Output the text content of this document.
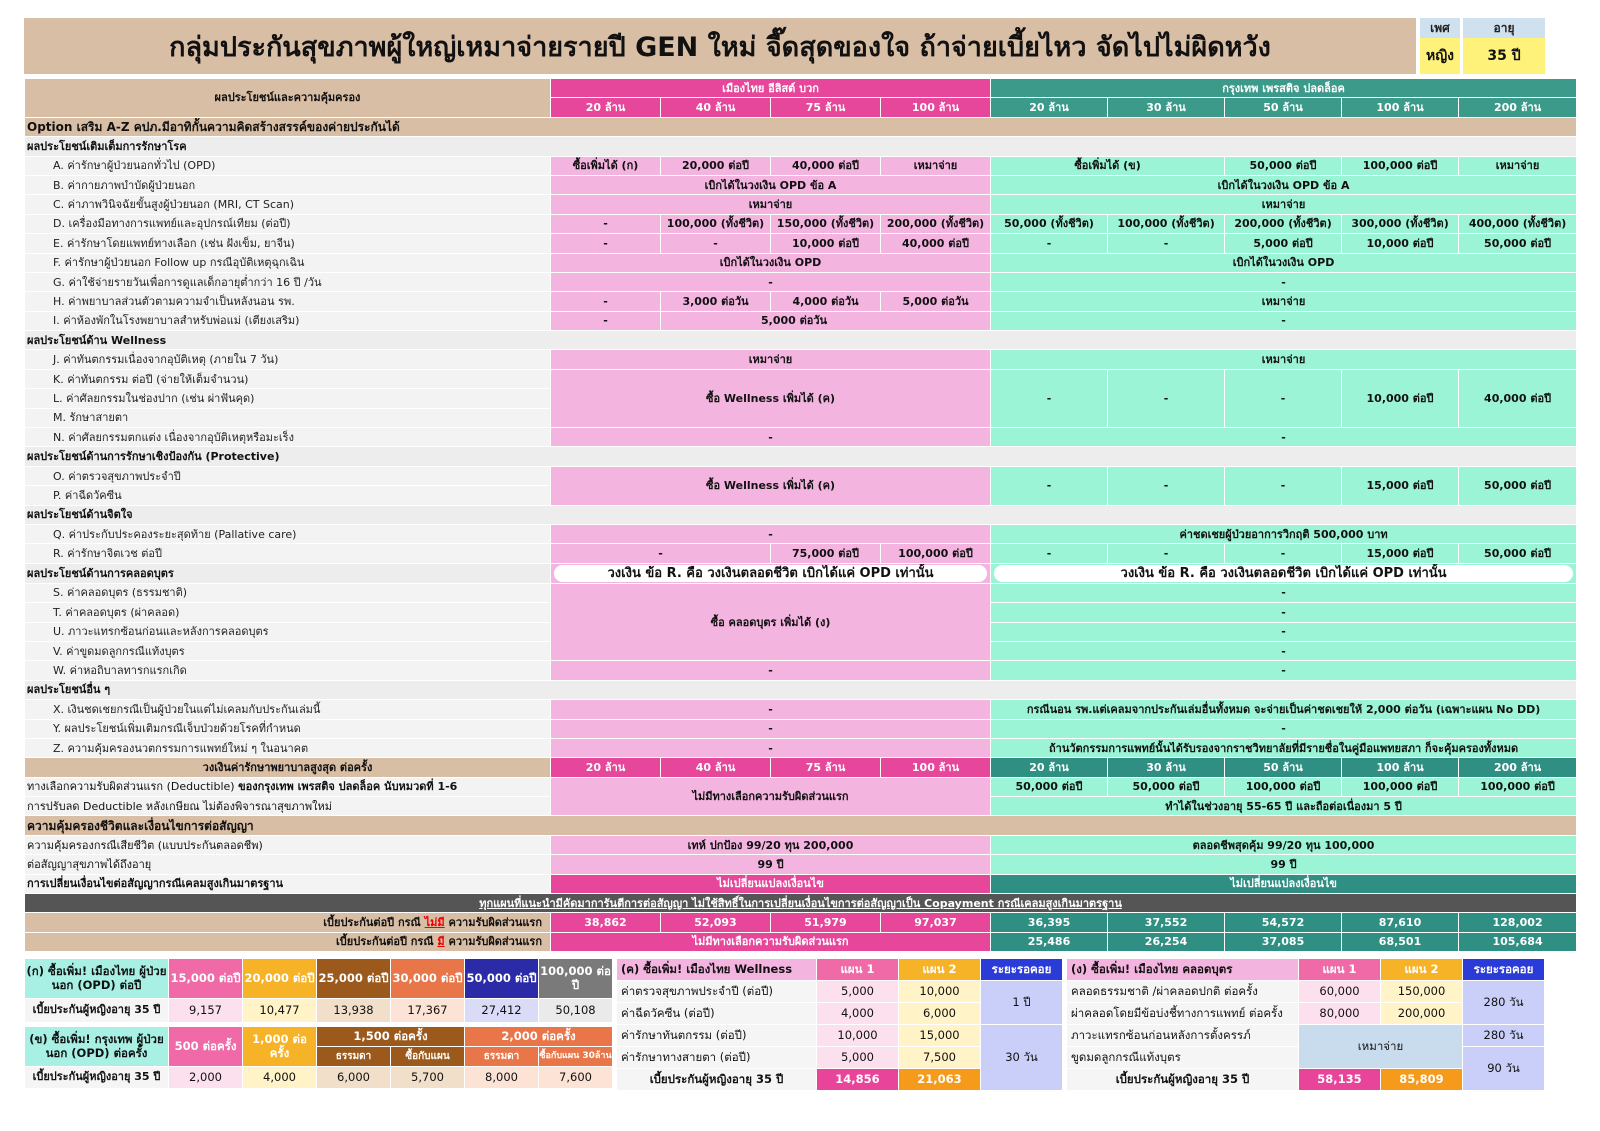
กลุ่มประกันสุขภาพผู้ใหญ่เหมาจ่ายรายปี GEN ใหม่ จี๊ดสุดของใจ ถ้าจ่ายเบี้ยไหว จัดไปไม่ผิดหวัง
เพศ
หญิง
อายุ
35 ปี
ผลประโยชน์และความคุ้มครอง	เมืองไทย อีลิสต์ บวก				กรุงเทพ เพรสติจ ปลดล็อค				
	20 ล้าน	40 ล้าน	75 ล้าน	100 ล้าน	20 ล้าน	30 ล้าน	50 ล้าน	100 ล้าน	200 ล้าน
Option เสริม A-Z คปภ.มีอาทิกั้นความคิดสร้างสรรค์ของค่ายประกันได้									
ผลประโยชน์เติมเต็มการรักษาโรค									
A. ค่ารักษาผู้ป่วยนอกทั่วไป (OPD)	ซื้อเพิ่มได้ (ก)	20,000 ต่อปี	40,000 ต่อปี	เหมาจ่าย	ซื้อเพิ่มได้ (ข)		50,000 ต่อปี	100,000 ต่อปี	เหมาจ่าย
B. ค่ากายภาพบำบัดผู้ป่วยนอก	เบิกได้ในวงเงิน OPD ข้อ A				เบิกได้ในวงเงิน OPD ข้อ A				
C. ค่าภาพวินิจฉัยขั้นสูงผู้ป่วยนอก (MRI, CT Scan)	เหมาจ่าย				เหมาจ่าย				
D. เครื่องมือทางการแพทย์และอุปกรณ์เทียม (ต่อปี)	-	100,000 (ทั้งชีวิต)	150,000 (ทั้งชีวิต)	200,000 (ทั้งชีวิต)	50,000 (ทั้งชีวิต)	100,000 (ทั้งชีวิต)	200,000 (ทั้งชีวิต)	300,000 (ทั้งชีวิต)	400,000 (ทั้งชีวิต)
E. ค่ารักษาโดยแพทย์ทางเลือก (เช่น ฝังเข็ม, ยาจีน)	-	-	10,000 ต่อปี	40,000 ต่อปี	-	-	5,000 ต่อปี	10,000 ต่อปี	50,000 ต่อปี
F. ค่ารักษาผู้ป่วยนอก Follow up กรณีอุบัติเหตุฉุกเฉิน	เบิกได้ในวงเงิน OPD				เบิกได้ในวงเงิน OPD				
G. ค่าใช้จ่ายรายวันเพื่อการดูแลเด็กอายุต่ำกว่า 16 ปี /วัน	-				-				
H. ค่าพยาบาลส่วนตัวตามความจำเป็นหลังนอน รพ.	-	3,000 ต่อวัน	4,000 ต่อวัน	5,000 ต่อวัน	เหมาจ่าย				
I. ค่าห้องพักในโรงพยาบาลสำหรับพ่อแม่ (เตียงเสริม)	-	5,000 ต่อวัน			-				
ผลประโยชน์ด้าน Wellness									
J. ค่าทันตกรรมเนื่องจากอุบัติเหตุ (ภายใน 7 วัน)	เหมาจ่าย				เหมาจ่าย				
K. ค่าทันตกรรม ต่อปี (จ่ายให้เต็มจำนวน)	ซื้อ Wellness เพิ่มได้ (ค)				-	-	-	10,000 ต่อปี	40,000 ต่อปี
L. ค่าศัลยกรรมในช่องปาก (เช่น ผ่าฟันคุด)									
M. รักษาสายตา									
N. ค่าศัลยกรรมตกแต่ง เนื่องจากอุบัติเหตุหรือมะเร็ง	-				-				
ผลประโยชน์ด้านการรักษาเชิงป้องกัน (Protective)									
O. ค่าตรวจสุขภาพประจำปี	ซื้อ Wellness เพิ่มได้ (ค)				-	-	-	15,000 ต่อปี	50,000 ต่อปี
P. ค่าฉีดวัคซีน									
ผลประโยชน์ด้านจิตใจ									
Q. ค่าประกับประคองระยะสุดท้าย (Pallative care)	-				ค่าชดเชยผู้ป่วยอาการวิกฤติ 500,000 บาท				
R. ค่ารักษาจิตเวช ต่อปี	-		75,000 ต่อปี	100,000 ต่อปี	-	-	-	15,000 ต่อปี	50,000 ต่อปี
ผลประโยชน์ด้านการคลอดบุตร	วงเงิน ข้อ R. คือ วงเงินตลอดชีวิต เบิกได้แค่ OPD เท่านั้น				วงเงิน ข้อ R. คือ วงเงินตลอดชีวิต เบิกได้แค่ OPD เท่านั้น				

S. ค่าคลอดบุตร (ธรรมชาติ)	ซื้อ คลอดบุตร เพิ่มได้ (ง)				-				
T. ค่าคลอดบุตร (ผ่าคลอด)					-				
U. ภาวะแทรกซ้อนก่อนและหลังการคลอดบุตร					-				
V. ค่าขูดมดลูกกรณีแท้งบุตร					-				
W. ค่าหอถิบาลทารกแรกเกิด	-				-				
ผลประโยชน์อื่น ๆ									
X. เงินชดเชยกรณีเป็นผู้ป่วยในแต่ไม่เคลมกับประกันเล่มนี้	-				กรณีนอน รพ.แต่เคลมจากประกันเล่มอื่นทั้งหมด จะจ่ายเป็นค่าชดเชยให้ 2,000 ต่อวัน (เฉพาะแผน No DD)				
Y. ผลประโยชน์เพิ่มเติมกรณีเจ็บป่วยด้วยโรคที่กำหนด	-				-				
Z. ความคุ้มครองนวตกรรมการแพทย์ใหม่ ๆ ในอนาคต	-				ถ้านวัตกรรมการแพทย์นั้นได้รับรองจากราชวิทยาลัยที่มีรายชื่อในคู่มือแพทยสภา ก็จะคุ้มครองทั้งหมด				
วงเงินค่ารักษาพยาบาลสูงสุด ต่อครั้ง	20 ล้าน	40 ล้าน	75 ล้าน	100 ล้าน	20 ล้าน	30 ล้าน	50 ล้าน	100 ล้าน	200 ล้าน
ทางเลือกความรับผิดส่วนแรก (Deductible) ของกรุงเทพ เพรสติจ ปลดล็อค นับหมวดที่ 1-6	ไม่มีทางเลือกความรับผิดส่วนแรก				50,000 ต่อปี	50,000 ต่อปี	100,000 ต่อปี	100,000 ต่อปี	100,000 ต่อปี
การปรับลด Deductible หลังเกษียณ ไม่ต้องพิจารณาสุขภาพใหม่					ทำได้ในช่วงอายุ 55-65 ปี และถือต่อเนื่องมา 5 ปี				
ความคุ้มครองชีวิตและเงื่อนไขการต่อสัญญา									
ความคุ้มครองกรณีเสียชีวิต (แบบประกันตลอดชีพ)	เทห์ ปกป้อง 99/20 ทุน 200,000				ตลอดชีพสุดคุ้ม 99/20 ทุน 100,000				
ต่อสัญญาสุขภาพได้ถึงอายุ	99 ปี				99 ปี				
การเปลี่ยนเงื่อนไขต่อสัญญากรณีเคลมสูงเกินมาตรฐาน	ไม่เปลี่ยนแปลงเงื่อนไข				ไม่เปลี่ยนแปลงเงื่อนไข				
ทุกแผนที่แนะนำมีคัดมาการันตีการต่อสัญญา ไม่ใช้สิทธิ์ในการเปลี่ยนเงื่อนไขการต่อสัญญาเป็น Copayment กรณีเคลมสูงเกินมาตรฐาน									
เบี้ยประกันต่อปี กรณี ไม่มี ความรับผิดส่วนแรก	38,862	52,093	51,979	97,037	36,395	37,552	54,572	87,610	128,002
เบี้ยประกันต่อปี กรณี มี ความรับผิดส่วนแรก	ไม่มีทางเลือกความรับผิดส่วนแรก				25,486	26,254	37,085	68,501	105,684
(ก) ซื้อเพิ่ม! เมืองไทย ผู้ป่วยนอก (OPD) ต่อปี	15,000 ต่อปี	20,000 ต่อปี	25,000 ต่อปี	30,000 ต่อปี	50,000 ต่อปี	100,000 ต่อปี
เบี้ยประกันผู้หญิงอายุ 35 ปี	9,157	10,477	13,938	17,367	27,412	50,108

(ข) ซื้อเพิ่ม! กรุงเทพ ผู้ป่วยนอก (OPD) ต่อครั้ง	500 ต่อครั้ง	1,000 ต่อครั้ง	1,500 ต่อครั้ง		2,000 ต่อครั้ง	
			ธรรมดา	ซื้อกับแผน	ธรรมดา	ซื้อกับแผน 30ล้าน
เบี้ยประกันผู้หญิงอายุ 35 ปี	2,000	4,000	6,000	5,700	8,000	7,600
(ค) ซื้อเพิ่ม! เมืองไทย Wellness	แผน 1	แผน 2	ระยะรอคอย
ค่าตรวจสุขภาพประจำปี (ต่อปี)	5,000	10,000	1 ปี
ค่าฉีดวัคซีน (ต่อปี)	4,000	6,000	
ค่ารักษาทันตกรรม (ต่อปี)	10,000	15,000	30 วัน
ค่ารักษาทางสายตา (ต่อปี)	5,000	7,500	
เบี้ยประกันผู้หญิงอายุ 35 ปี	14,856	21,063	
(ง) ซื้อเพิ่ม! เมืองไทย คลอดบุตร	แผน 1	แผน 2	ระยะรอคอย
คลอดธรรมชาติ /ผ่าคลอดปกติ ต่อครั้ง	60,000	150,000	280 วัน
ผ่าคลอดโดยมีข้อบ่งชี้ทางการแพทย์ ต่อครั้ง	80,000	200,000	
ภาวะแทรกซ้อนก่อนหลังการตั้งครรภ์	เหมาจ่าย		280 วัน
ขูดมดลูกกรณีแท้งบุตร			90 วัน
เบี้ยประกันผู้หญิงอายุ 35 ปี	58,135	85,809	
